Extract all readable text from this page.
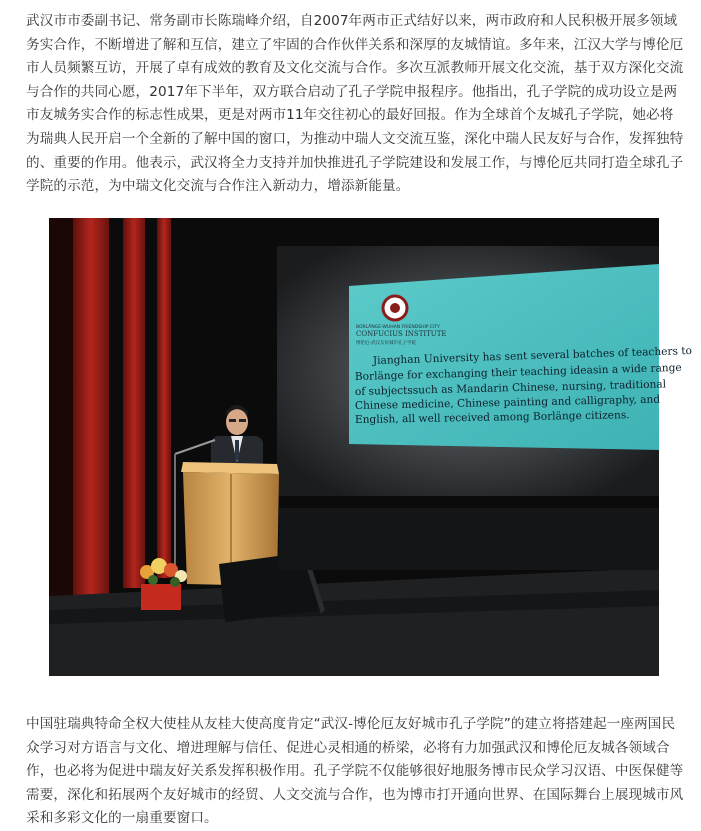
武汉市市委副书记、常务副市长陈瑞峰介绍，自2007年两市正式结好以来，两市政府和人民积极开展多领域务实合作，不断增进了解和互信，建立了牢固的合作伙伴关系和深厚的友城情谊。多年来，江汉大学与博伦厄市人员频繁互访，开展了卓有成效的教育及文化交流与合作。多次互派教师开展文化交流，基于双方深化交流与合作的共同心愿，2017年下半年，双方联合启动了孔子学院申报程序。他指出，孔子学院的成功设立是两市友城务实合作的标志性成果，更是对两市11年交往初心的最好回报。作为全球首个友城孔子学院，她必将为瑞典人民开启一个全新的了解中国的窗口，为推动中瑞人文交流互鉴，深化中瑞人民友好与合作，发挥独特的、重要的作用。他表示，武汉将全力支持并加快推进孔子学院建设和发展工作，与博伦厄共同打造全球孔子学院的示范，为中瑞文化交流与合作注入新动力，增添新能量。

BORLÄNGE-WUHAN FRIENDSHIP CITY
CONFUCIUS INSTITUTE
博伦厄-武汉友好城市孔子学院
Jianghan University has sent several batches of teachers to
Borlänge for exchanging their teaching ideasin a wide range
of subjectssuch as Mandarin Chinese, nursing, traditional
Chinese medicine, Chinese painting and calligraphy, and
English, all well received among Borlänge citizens.

中国驻瑞典特命全权大使桂从友桂大使高度肯定“武汉-博伦厄友好城市孔子学院”的建立将搭建起一座两国民众学习对方语言与文化、增进理解与信任、促进心灵相通的桥梁，必将有力加强武汉和博伦厄友城各领域合作，也必将为促进中瑞友好关系发挥积极作用。孔子学院不仅能够很好地服务博市民众学习汉语、中医保健等需要，深化和拓展两个友好城市的经贸、人文交流与合作，也为博市打开通向世界、在国际舞台上展现城市风采和多彩文化的一扇重要窗口。
